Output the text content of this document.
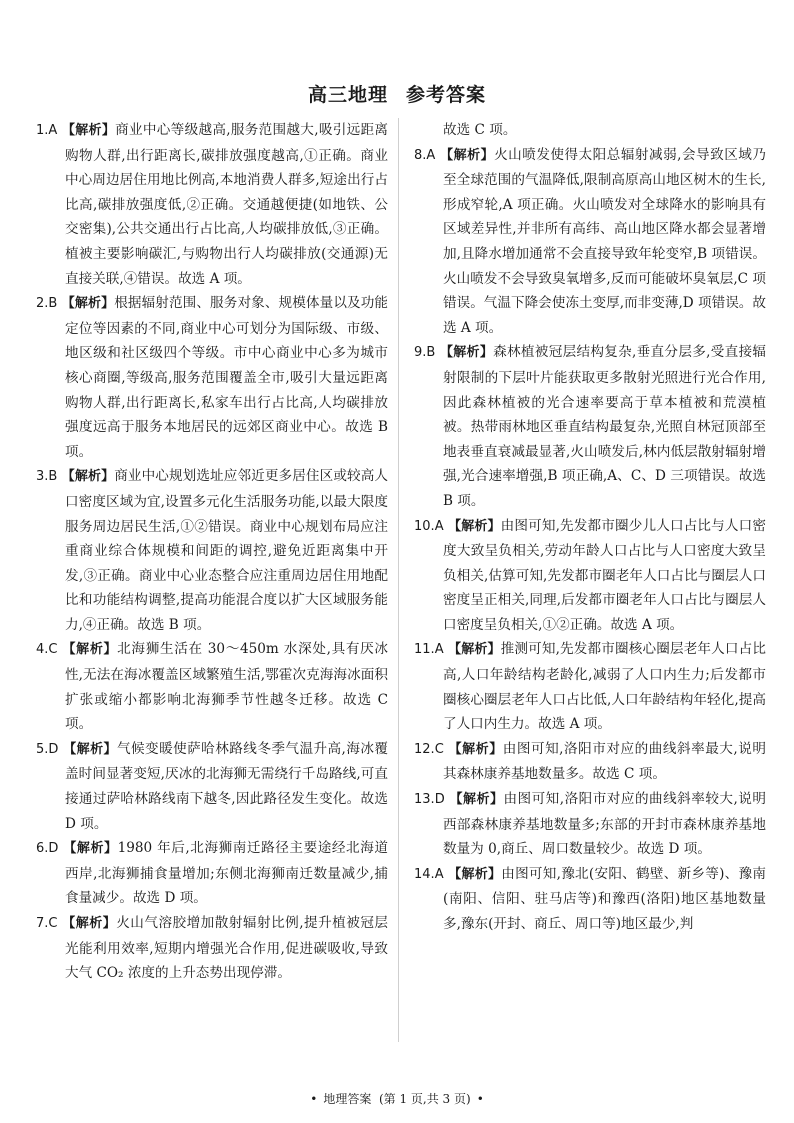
高三地理 参考答案

1.A 【解析】商业中心等级越高,服务范围越大,吸引远距离购物人群,出行距离长,碳排放强度越高,①正确。商业中心周边居住用地比例高,本地消费人群多,短途出行占比高,碳排放强度低,②正确。交通越便捷(如地铁、公交密集),公共交通出行占比高,人均碳排放低,③正确。植被主要影响碳汇,与购物出行人均碳排放(交通源)无直接关联,④错误。故选 A 项。

2.B 【解析】根据辐射范围、服务对象、规模体量以及功能定位等因素的不同,商业中心可划分为国际级、市级、地区级和社区级四个等级。市中心商业中心多为城市核心商圈,等级高,服务范围覆盖全市,吸引大量远距离购物人群,出行距离长,私家车出行占比高,人均碳排放强度远高于服务本地居民的远郊区商业中心。故选 B 项。

3.B 【解析】商业中心规划选址应邻近更多居住区或较高人口密度区域为宜,设置多元化生活服务功能,以最大限度服务周边居民生活,①②错误。商业中心规划布局应注重商业综合体规模和间距的调控,避免近距离集中开发,③正确。商业中心业态整合应注重周边居住用地配比和功能结构调整,提高功能混合度以扩大区域服务能力,④正确。故选 B 项。

4.C 【解析】北海狮生活在 30～450m 水深处,具有厌冰性,无法在海冰覆盖区域繁殖生活,鄂霍次克海海冰面积扩张或缩小都影响北海狮季节性越冬迁移。故选 C 项。

5.D 【解析】气候变暖使萨哈林路线冬季气温升高,海冰覆盖时间显著变短,厌冰的北海狮无需绕行千岛路线,可直接通过萨哈林路线南下越冬,因此路径发生变化。故选 D 项。

6.D 【解析】1980 年后,北海狮南迁路径主要途经北海道西岸,北海狮捕食量增加;东侧北海狮南迁数量减少,捕食量减少。故选 D 项。

7.C 【解析】火山气溶胶增加散射辐射比例,提升植被冠层光能利用效率,短期内增强光合作用,促进碳吸收,导致大气 CO₂ 浓度的上升态势出现停滞。

故选 C 项。

8.A 【解析】火山喷发使得太阳总辐射减弱,会导致区域乃至全球范围的气温降低,限制高原高山地区树木的生长,形成窄轮,A 项正确。火山喷发对全球降水的影响具有区域差异性,并非所有高纬、高山地区降水都会显著增加,且降水增加通常不会直接导致年轮变窄,B 项错误。火山喷发不会导致臭氧增多,反而可能破坏臭氧层,C 项错误。气温下降会使冻土变厚,而非变薄,D 项错误。故选 A 项。

9.B 【解析】森林植被冠层结构复杂,垂直分层多,受直接辐射限制的下层叶片能获取更多散射光照进行光合作用,因此森林植被的光合速率要高于草本植被和荒漠植被。热带雨林地区垂直结构最复杂,光照自林冠顶部至地表垂直衰减最显著,火山喷发后,林内低层散射辐射增强,光合速率增强,B 项正确,A、C、D 三项错误。故选 B 项。

10.A 【解析】由图可知,先发都市圈少儿人口占比与人口密度大致呈负相关,劳动年龄人口占比与人口密度大致呈负相关,估算可知,先发都市圈老年人口占比与圈层人口密度呈正相关,同理,后发都市圈老年人口占比与圈层人口密度呈负相关,①②正确。故选 A 项。

11.A 【解析】推测可知,先发都市圈核心圈层老年人口占比高,人口年龄结构老龄化,减弱了人口内生力;后发都市圈核心圈层老年人口占比低,人口年龄结构年轻化,提高了人口内生力。故选 A 项。

12.C 【解析】由图可知,洛阳市对应的曲线斜率最大,说明其森林康养基地数量多。故选 C 项。

13.D 【解析】由图可知,洛阳市对应的曲线斜率较大,说明西部森林康养基地数量多;东部的开封市森林康养基地数量为 0,商丘、周口数量较少。故选 D 项。

14.A 【解析】由图可知,豫北(安阳、鹤壁、新乡等)、豫南(南阳、信阳、驻马店等)和豫西(洛阳)地区基地数量多,豫东(开封、商丘、周口等)地区最少,判

• 地理答案 (第 1 页,共 3 页) •
